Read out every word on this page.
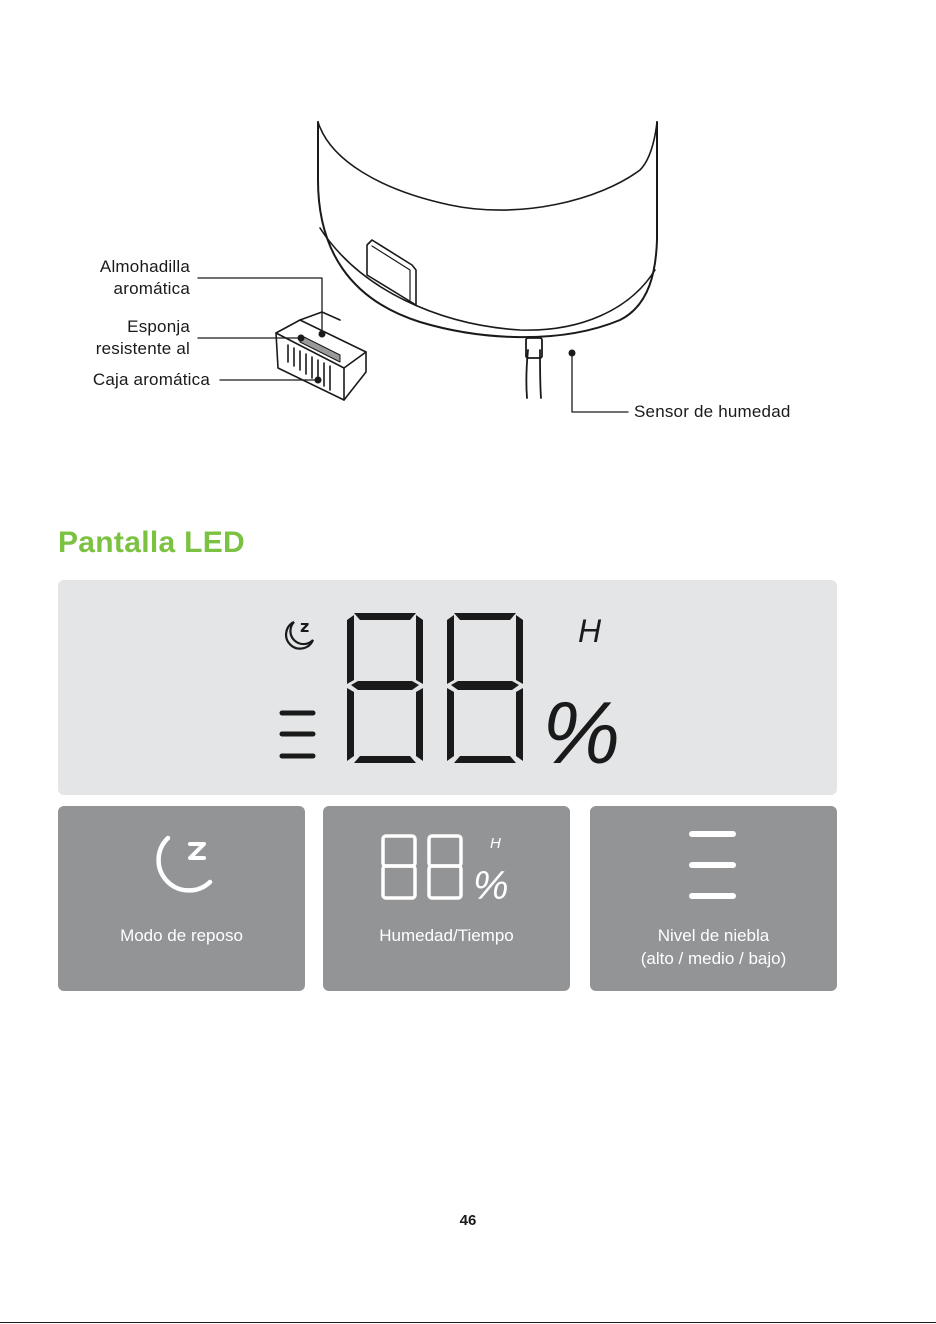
Almohadilla
aromática
Esponja
resistente al
Caja aromática
Sensor de humedad
Pantalla LED
z	H
%
Modo de reposo
H
%
Humedad/Tiempo	Nivel de niebla
(alto / medio / bajo)
46
